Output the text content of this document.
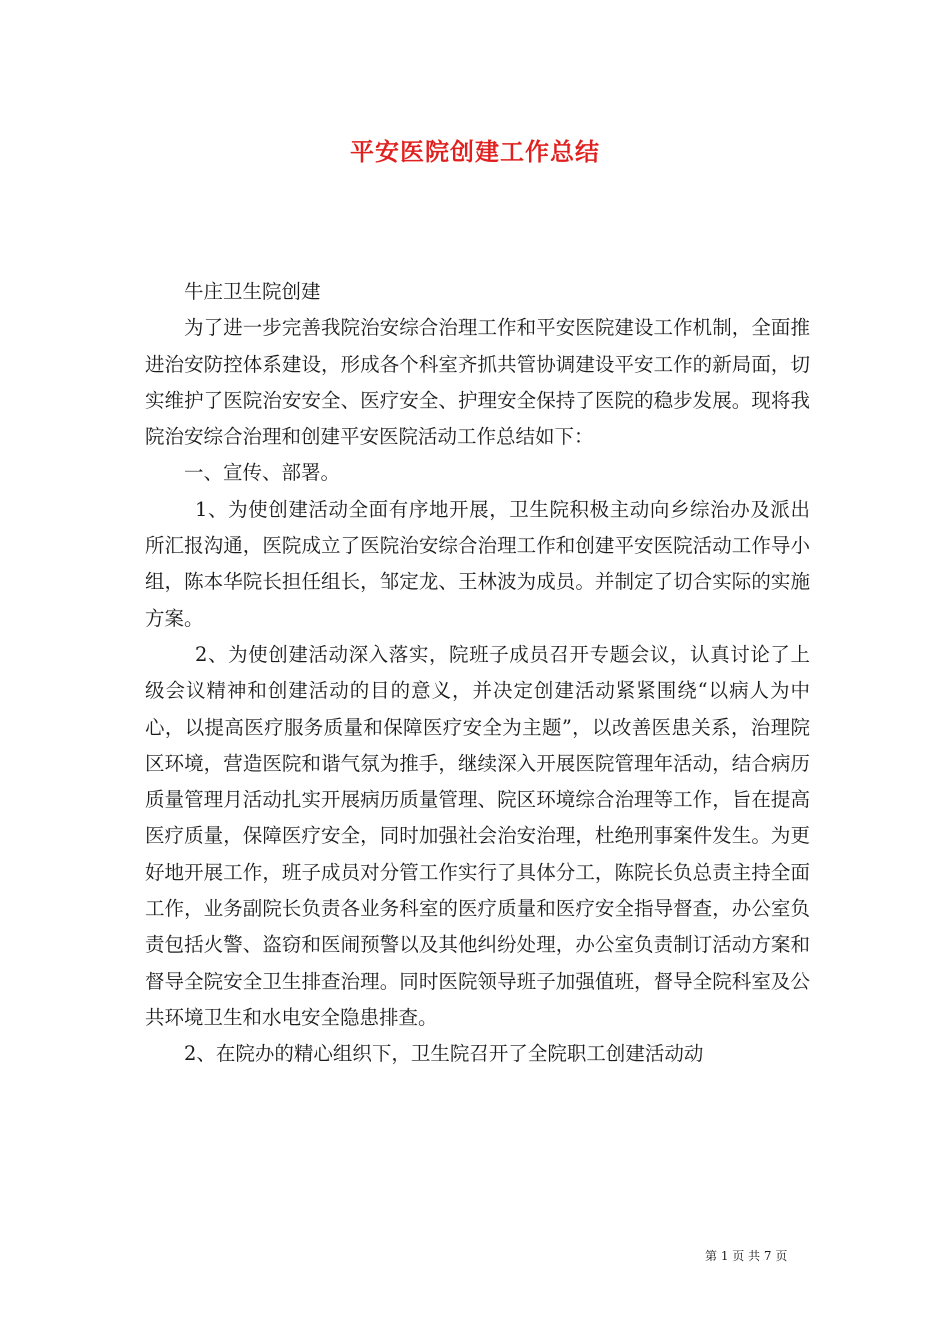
平安医院创建工作总结

牛庄卫生院创建

为了进一步完善我院治安综合治理工作和平安医院建设工作机制，全面推进治安防控体系建设，形成各个科室齐抓共管协调建设平安工作的新局面，切实维护了医院治安安全、医疗安全、护理安全保持了医院的稳步发展。现将我院治安综合治理和创建平安医院活动工作总结如下：

一、宣传、部署。

1、为使创建活动全面有序地开展，卫生院积极主动向乡综治办及派出所汇报沟通，医院成立了医院治安综合治理工作和创建平安医院活动工作导小组，陈本华院长担任组长，邹定龙、王林波为成员。并制定了切合实际的实施方案。

2、为使创建活动深入落实，院班子成员召开专题会议，认真讨论了上级会议精神和创建活动的目的意义，并决定创建活动紧紧围绕“以病人为中心，以提高医疗服务质量和保障医疗安全为主题”，以改善医患关系，治理院区环境，营造医院和谐气氛为推手，继续深入开展医院管理年活动，结合病历质量管理月活动扎实开展病历质量管理、院区环境综合治理等工作，旨在提高医疗质量，保障医疗安全，同时加强社会治安治理，杜绝刑事案件发生。为更好地开展工作，班子成员对分管工作实行了具体分工，陈院长负总责主持全面工作，业务副院长负责各业务科室的医疗质量和医疗安全指导督查，办公室负责包括火警、盗窃和医闹预警以及其他纠纷处理，办公室负责制订活动方案和督导全院安全卫生排查治理。同时医院领导班子加强值班，督导全院科室及公共环境卫生和水电安全隐患排查。

2、在院办的精心组织下，卫生院召开了全院职工创建活动动

第 1 页 共 7 页
